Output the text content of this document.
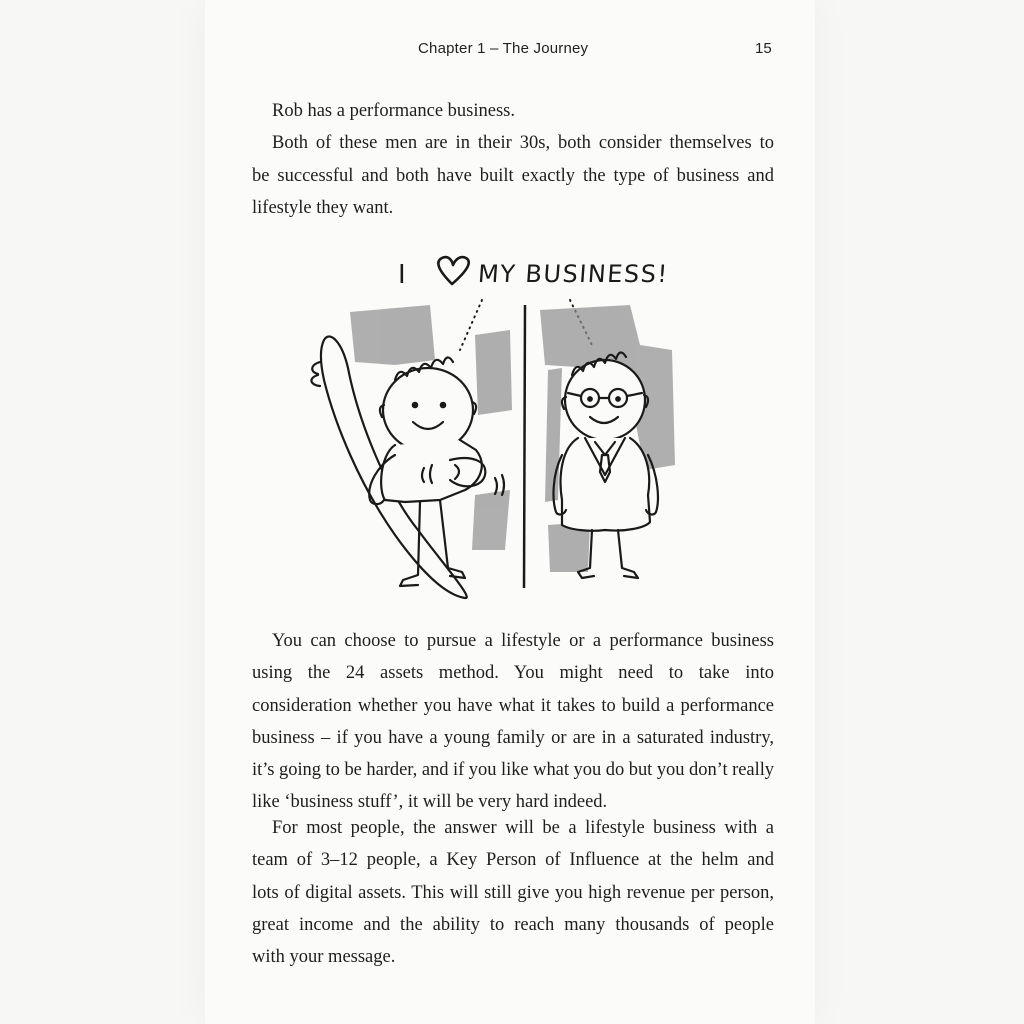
Chapter 1 – The Journey	15
Rob has a performance business.
Both of these men are in their 30s, both consider themselves to
be successful and both have built exactly the type of business and
lifestyle they want.
I	MY BUSINESS!
You can choose to pursue a lifestyle or a performance business
using the 24 assets method. You might need to take into
consideration whether you have what it takes to build a performance
business – if you have a young family or are in a saturated industry,
it’s going to be harder, and if you like what you do but you don’t really
like ‘business stuff’, it will be very hard indeed.
For most people, the answer will be a lifestyle business with a
team of 3–12 people, a Key Person of Influence at the helm and
lots of digital assets. This will still give you high revenue per person,
great income and the ability to reach many thousands of people
with your message.
